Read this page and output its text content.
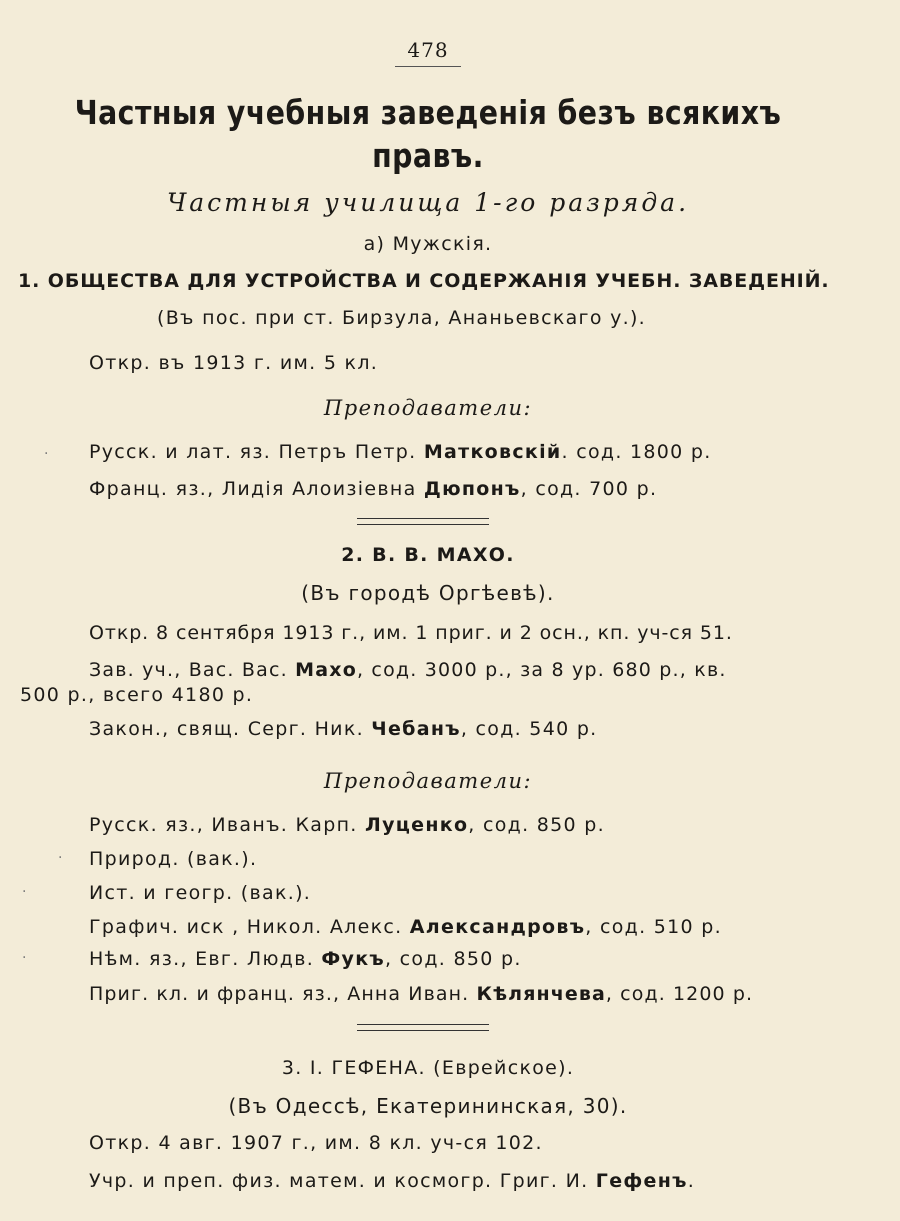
478
Частныя учебныя заведенія безъ всякихъ
правъ.
Частныя училища 1-го разряда.
а) Мужскія.
1. ОБЩЕСТВА ДЛЯ УСТРОЙСТВА И СОДЕРЖАНІЯ УЧЕБН. ЗАВЕДЕНІЙ.
(Въ пос. при ст. Бирзула, Ананьевскаго у.).
Откр. въ 1913 г. им. 5 кл.
Преподаватели:
Русск. и лат. яз. Петръ Петр. Матковскій. сод. 1800 р.
Франц. яз., Лидія Алоизіевна Дюпонъ, сод. 700 р.
2. В. В. МАХО.
(Въ городѣ Оргѣевѣ).
Откр. 8 сентября 1913 г., им. 1 приг. и 2 осн., кп. уч-ся 51.
Зав. уч., Вас. Вас. Махо, сод. 3000 р., за 8 ур. 680 р., кв.
500 р., всего 4180 р.
Закон., свящ. Серг. Ник. Чебанъ, сод. 540 р.
Преподаватели:
Русск. яз., Иванъ. Карп. Луценко, сод. 850 р.
Природ. (вак.).
Ист. и геогр. (вак.).
Графич. иск , Никол. Алекс. Александровъ, сод. 510 р.
Нѣм. яз., Евг. Людв. Фукъ, сод. 850 р.
Приг. кл. и франц. яз., Анна Иван. Кѣлянчева, сод. 1200 р.
3. I. ГЕФЕНА. (Еврейское).
(Въ Одессѣ, Екатерининская, 30).
Откр. 4 авг. 1907 г., им. 8 кл. уч-ся 102.
Учр. и преп. физ. матем. и космогр. Григ. И. Гефенъ.
·
·
·
·
